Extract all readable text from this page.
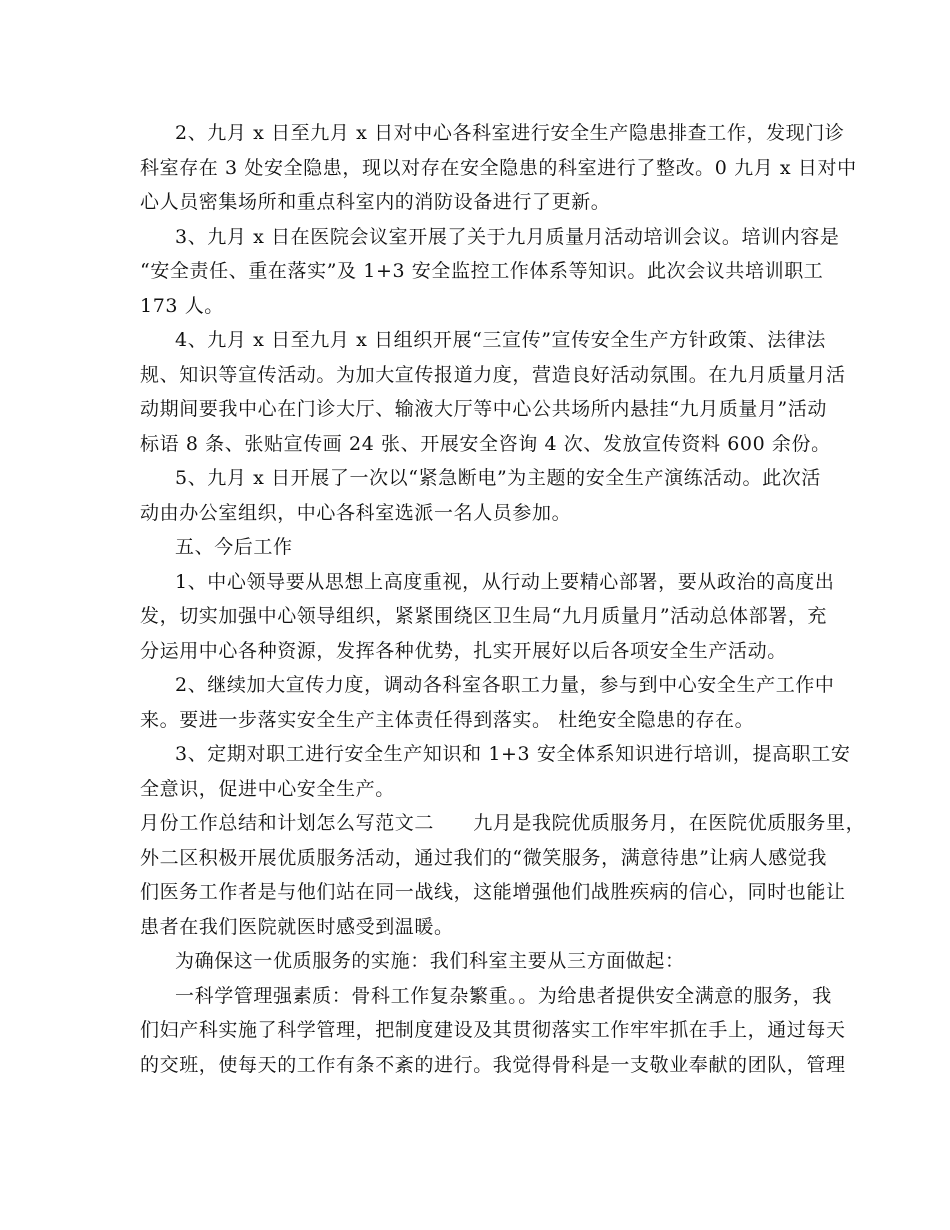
2、九月 x 日至九月 x 日对中心各科室进行安全生产隐患排查工作，发现门诊
科室存在 3 处安全隐患，现以对存在安全隐患的科室进行了整改。0 九月 x 日对中
心人员密集场所和重点科室内的消防设备进行了更新。
3、九月 x 日在医院会议室开展了关于九月质量月活动培训会议。培训内容是
“安全责任、重在落实”及 1+3 安全监控工作体系等知识。此次会议共培训职工
173 人。
4、九月 x 日至九月 x 日组织开展“三宣传”宣传安全生产方针政策、法律法
规、知识等宣传活动。为加大宣传报道力度，营造良好活动氛围。在九月质量月活
动期间要我中心在门诊大厅、输液大厅等中心公共场所内悬挂“九月质量月”活动
标语 8 条、张贴宣传画 24 张、开展安全咨询 4 次、发放宣传资料 600 余份。
5、九月 x 日开展了一次以“紧急断电”为主题的安全生产演练活动。此次活
动由办公室组织，中心各科室选派一名人员参加。
五、今后工作
1、中心领导要从思想上高度重视，从行动上要精心部署，要从政治的高度出
发，切实加强中心领导组织，紧紧围绕区卫生局“九月质量月”活动总体部署，充
分运用中心各种资源，发挥各种优势，扎实开展好以后各项安全生产活动。
2、继续加大宣传力度，调动各科室各职工力量，参与到中心安全生产工作中
来。要进一步落实安全生产主体责任得到落实。 杜绝安全隐患的存在。
3、定期对职工进行安全生产知识和 1+3 安全体系知识进行培训，提高职工安
全意识，促进中心安全生产。
月份工作总结和计划怎么写范文二　　九月是我院优质服务月，在医院优质服务里，
外二区积极开展优质服务活动，通过我们的“微笑服务，满意待患”让病人感觉我
们医务工作者是与他们站在同一战线，这能增强他们战胜疾病的信心，同时也能让
患者在我们医院就医时感受到温暖。
为确保这一优质服务的实施：我们科室主要从三方面做起：
一科学管理强素质：骨科工作复杂繁重。。为给患者提供安全满意的服务，我
们妇产科实施了科学管理，把制度建设及其贯彻落实工作牢牢抓在手上，通过每天
的交班，使每天的工作有条不紊的进行。我觉得骨科是一支敬业奉献的团队，管理
